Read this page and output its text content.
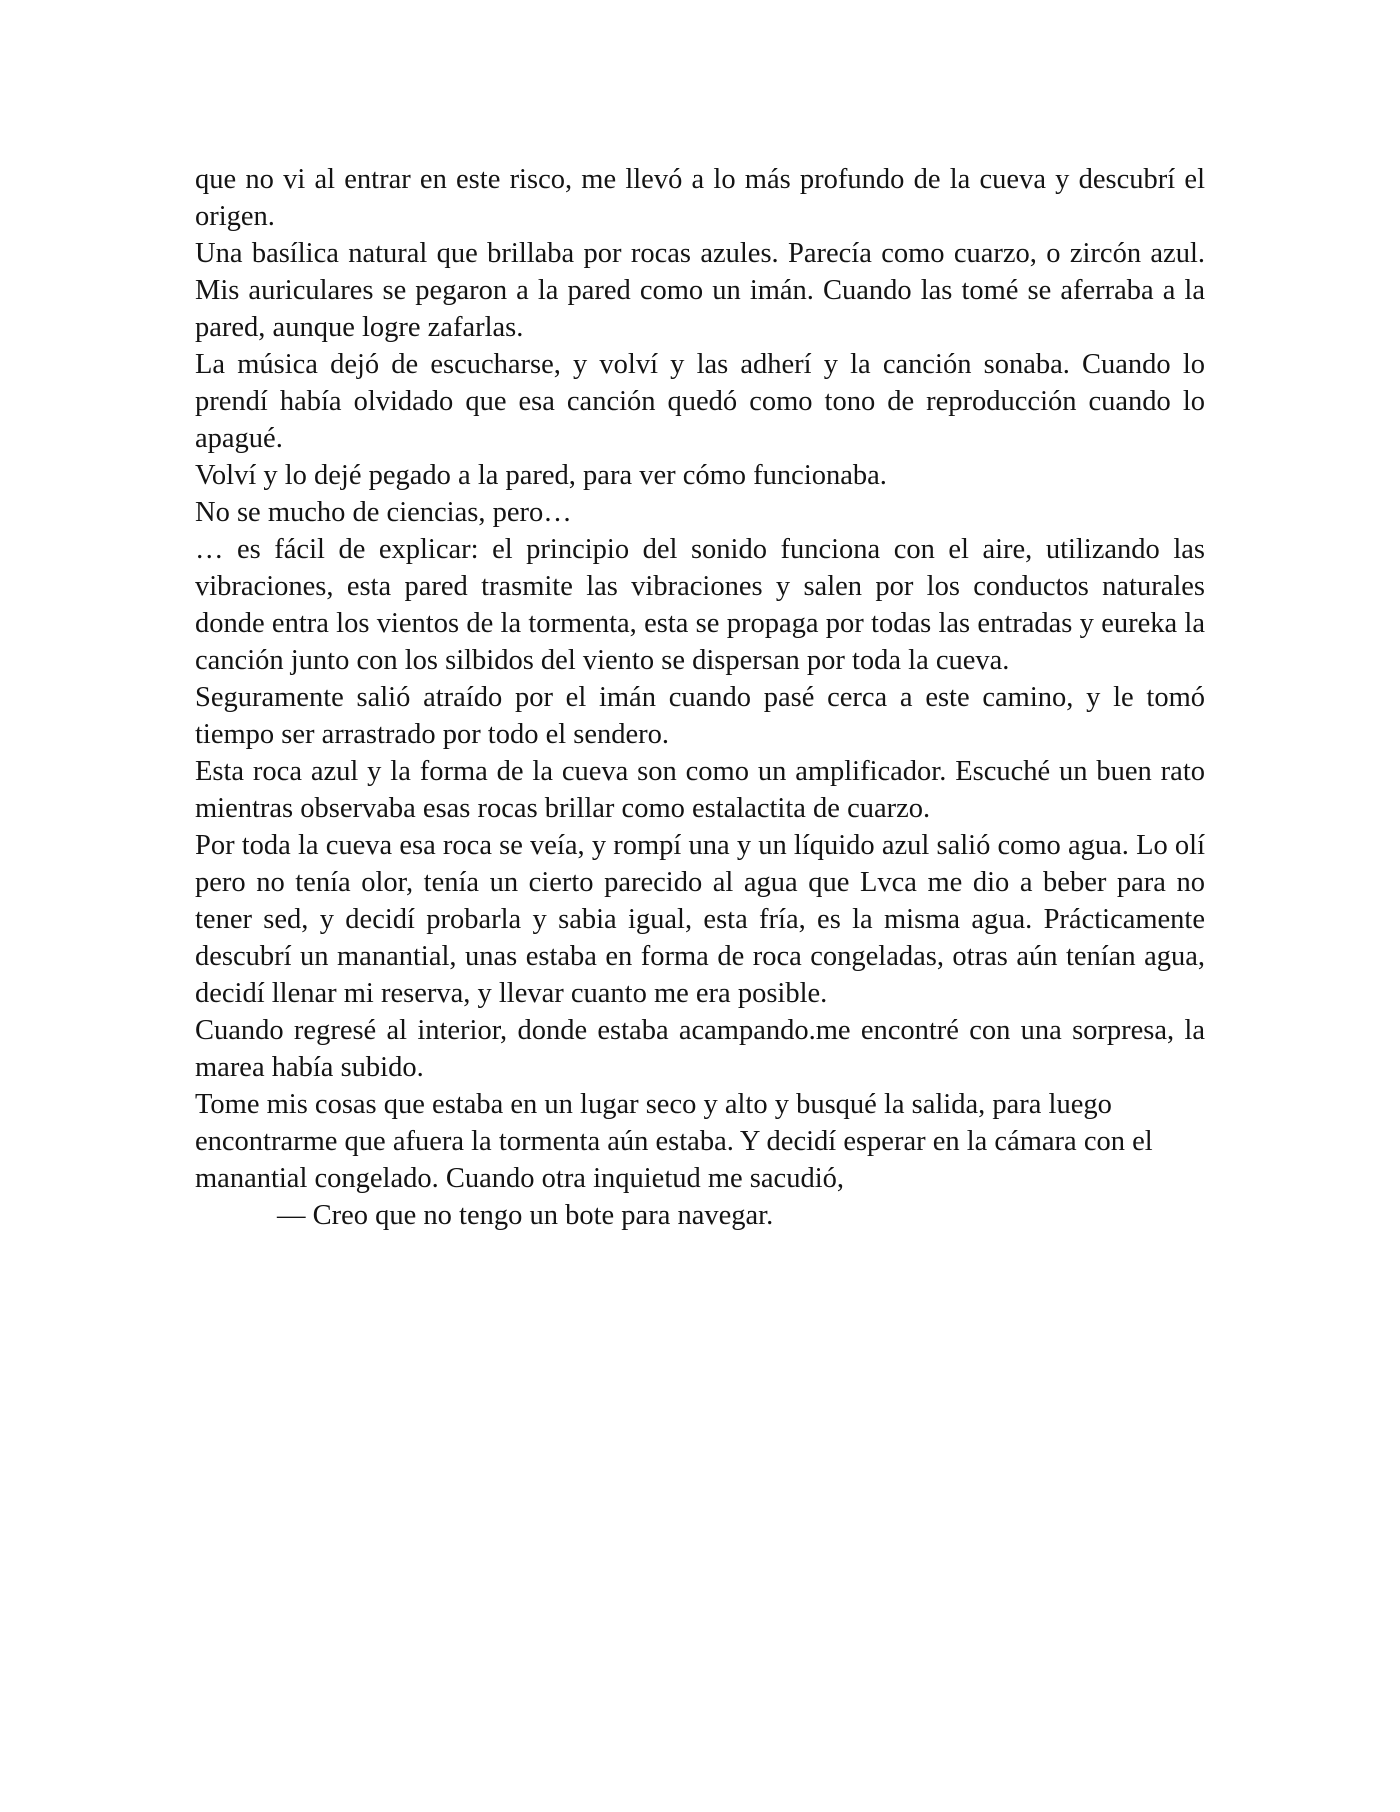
que no vi al entrar en este risco, me llevó a lo más profundo de la cueva y descubrí el origen.

Una basílica natural que brillaba por rocas azules. Parecía como cuarzo, o zircón azul. Mis auriculares se pegaron a la pared como un imán. Cuando las tomé se aferraba a la pared, aunque logre zafarlas.

La música dejó de escucharse, y volví y las adherí y la canción sonaba. Cuando lo prendí había olvidado que esa canción quedó como tono de reproducción cuando lo apagué.

Volví y lo dejé pegado a la pared, para ver cómo funcionaba.

No se mucho de ciencias, pero…

… es fácil de explicar: el principio del sonido funciona con el aire, utilizando las vibraciones, esta pared trasmite las vibraciones y salen por los conductos naturales donde entra los vientos de la tormenta, esta se propaga por todas las entradas y eureka la canción junto con los silbidos del viento se dispersan por toda la cueva.

Seguramente salió atraído por el imán cuando pasé cerca a este camino, y le tomó tiempo ser arrastrado por todo el sendero.

Esta roca azul y la forma de la cueva son como un amplificador. Escuché un buen rato mientras observaba esas rocas brillar como estalactita de cuarzo.

Por toda la cueva esa roca se veía, y rompí una y un líquido azul salió como agua. Lo olí pero no tenía olor, tenía un cierto parecido al agua que Lvca me dio a beber para no tener sed, y decidí probarla y sabia igual, esta fría, es la misma agua. Prácticamente descubrí un manantial, unas estaba en forma de roca congeladas, otras aún tenían agua, decidí llenar mi reserva, y llevar cuanto me era posible.

Cuando regresé al interior, donde estaba acampando.me encontré con una sorpresa, la marea había subido.

Tome mis cosas que estaba en un lugar seco y alto y busqué la salida, para luego encontrarme que afuera la tormenta aún estaba. Y decidí esperar en la cámara con el manantial congelado. Cuando otra inquietud me sacudió,

— Creo que no tengo un bote para navegar.
